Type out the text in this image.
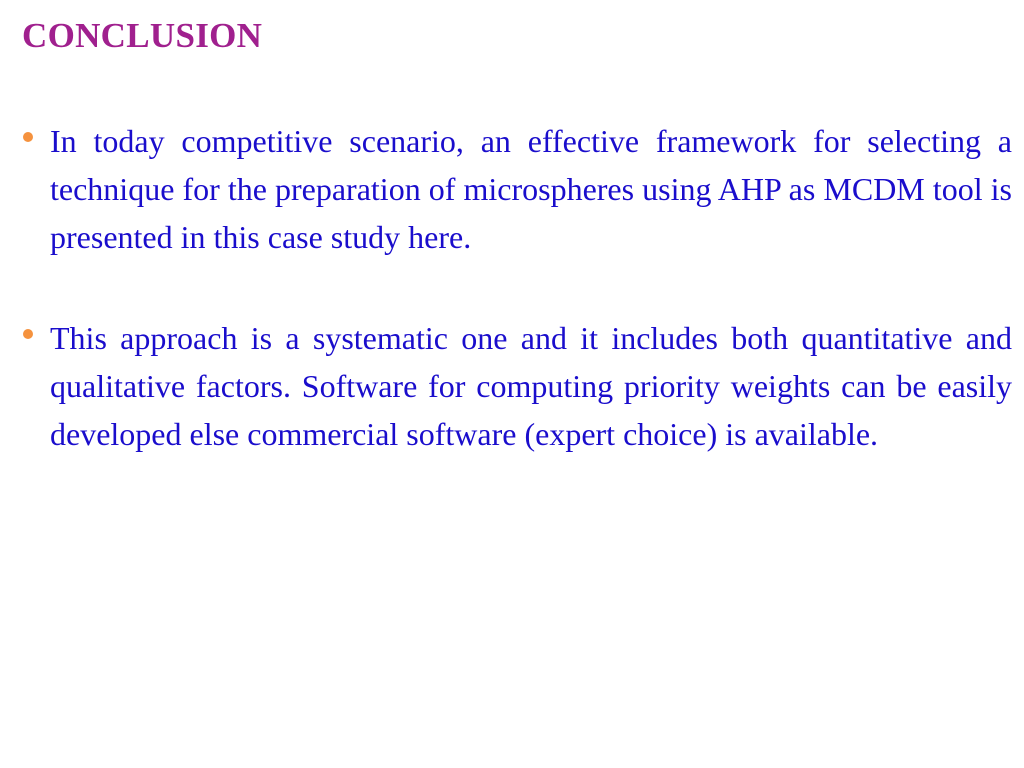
CONCLUSION
In today competitive scenario, an effective framework for selecting a technique for the preparation of microspheres using AHP as MCDM tool is presented in this case study here.
This approach is a systematic one and it includes both quantitative and qualitative factors. Software for computing priority weights can be easily developed else commercial software (expert choice) is available.
